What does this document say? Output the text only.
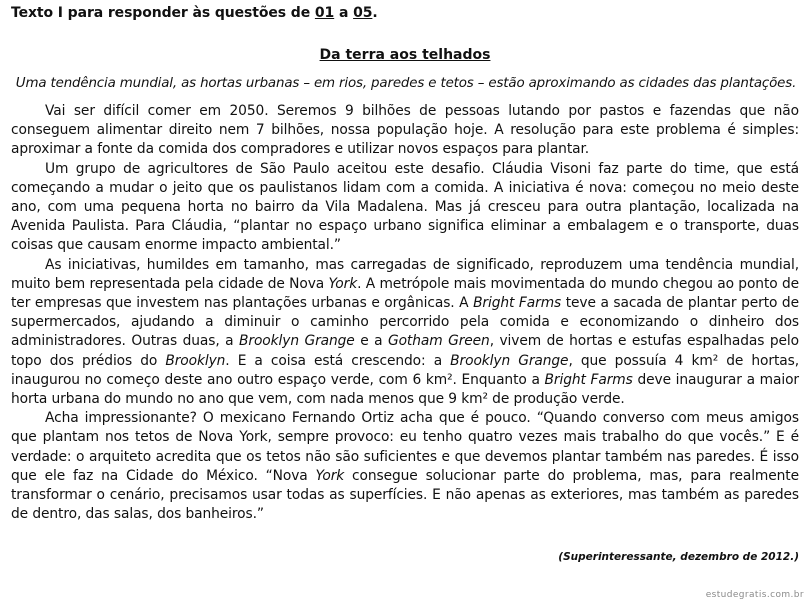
Texto I para responder às questões de 01 a 05.
Da terra aos telhados
Uma tendência mundial, as hortas urbanas – em rios, paredes e tetos – estão aproximando as cidades das plantações.

Vai ser difícil comer em 2050. Seremos 9 bilhões de pessoas lutando por pastos e fazendas que não conseguem alimentar direito nem 7 bilhões, nossa população hoje. A resolução para este problema é simples: aproximar a fonte da comida dos compradores e utilizar novos espaços para plantar.

Um grupo de agricultores de São Paulo aceitou este desafio. Cláudia Visoni faz parte do time, que está começando a mudar o jeito que os paulistanos lidam com a comida. A iniciativa é nova: começou no meio deste ano, com uma pequena horta no bairro da Vila Madalena. Mas já cresceu para outra plantação, localizada na Avenida Paulista. Para Cláudia, “plantar no espaço urbano significa eliminar a embalagem e o transporte, duas coisas que causam enorme impacto ambiental.”

As iniciativas, humildes em tamanho, mas carregadas de significado, reproduzem uma tendência mundial, muito bem representada pela cidade de Nova York. A metrópole mais movimentada do mundo chegou ao ponto de ter empresas que investem nas plantações urbanas e orgânicas. A Bright Farms teve a sacada de plantar perto de supermercados, ajudando a diminuir o caminho percorrido pela comida e economizando o dinheiro dos administradores. Outras duas, a Brooklyn Grange e a Gotham Green, vivem de hortas e estufas espalhadas pelo topo dos prédios do Brooklyn. E a coisa está crescendo: a Brooklyn Grange, que possuía 4 km² de hortas, inaugurou no começo deste ano outro espaço verde, com 6 km². Enquanto a Bright Farms deve inaugurar a maior horta urbana do mundo no ano que vem, com nada menos que 9 km² de produção verde.

Acha impressionante? O mexicano Fernando Ortiz acha que é pouco. “Quando converso com meus amigos que plantam nos tetos de Nova York, sempre provoco: eu tenho quatro vezes mais trabalho do que vocês.” E é verdade: o arquiteto acredita que os tetos não são suficientes e que devemos plantar também nas paredes. É isso que ele faz na Cidade do México. “Nova York consegue solucionar parte do problema, mas, para realmente transformar o cenário, precisamos usar todas as superfícies. E não apenas as exteriores, mas também as paredes de dentro, das salas, dos banheiros.”

(Superinteressante, dezembro de 2012.)
estudegratis.com.br
